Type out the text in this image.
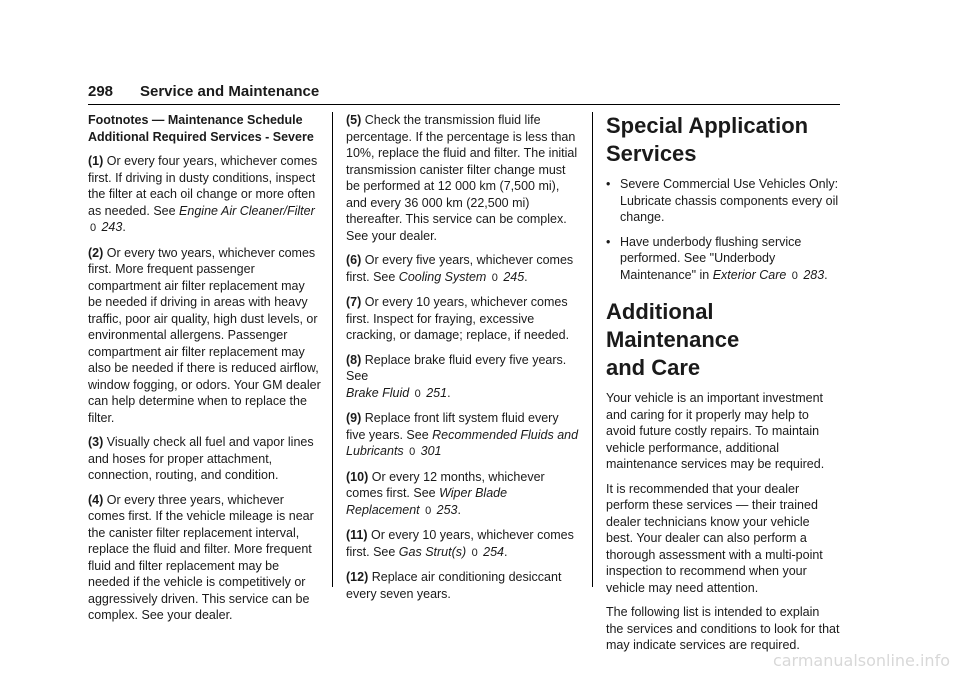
298 Service and Maintenance
Footnotes — Maintenance Schedule
Additional Required Services - Severe

(1) Or every four years, whichever comes first. If driving in dusty conditions, inspect the filter at each oil change or more often as needed. See Engine Air Cleaner/Filter
0 243.

(2) Or every two years, whichever comes first. More frequent passenger compartment air filter replacement may be needed if driving in areas with heavy traffic, poor air quality, high dust levels, or environmental allergens. Passenger compartment air filter replacement may also be needed if there is reduced airflow, window fogging, or odors. Your GM dealer can help determine when to replace the filter.

(3) Visually check all fuel and vapor lines and hoses for proper attachment, connection, routing, and condition.

(4) Or every three years, whichever comes first. If the vehicle mileage is near the canister filter replacement interval, replace the fluid and filter. More frequent fluid and filter replacement may be needed if the vehicle is competitively or aggressively driven. This service can be complex. See your dealer.

(5) Check the transmission fluid life percentage. If the percentage is less than 10%, replace the fluid and filter. The initial transmission canister filter change must be performed at 12 000 km (7,500 mi), and every 36 000 km (22,500 mi) thereafter. This service can be complex. See your dealer.

(6) Or every five years, whichever comes first. See Cooling System 0 245.

(7) Or every 10 years, whichever comes first. Inspect for fraying, excessive cracking, or damage; replace, if needed.

(8) Replace brake fluid every five years. See
Brake Fluid 0 251.

(9) Replace front lift system fluid every five years. See Recommended Fluids and Lubricants 0 301

(10) Or every 12 months, whichever comes first. See Wiper Blade Replacement 0 253.

(11) Or every 10 years, whichever comes first. See Gas Strut(s) 0 254.

(12) Replace air conditioning desiccant every seven years.

Special Application Services
• Severe Commercial Use Vehicles Only: Lubricate chassis components every oil change.
• Have underbody flushing service performed. See "Underbody Maintenance" in Exterior Care 0 283.
Additional Maintenance
and Care

Your vehicle is an important investment and caring for it properly may help to avoid future costly repairs. To maintain vehicle performance, additional maintenance services may be required.

It is recommended that your dealer perform these services — their trained dealer technicians know your vehicle best. Your dealer can also perform a thorough assessment with a multi-point inspection to recommend when your vehicle may need attention.

The following list is intended to explain the services and conditions to look for that may indicate services are required.

carmanualsonline.info
